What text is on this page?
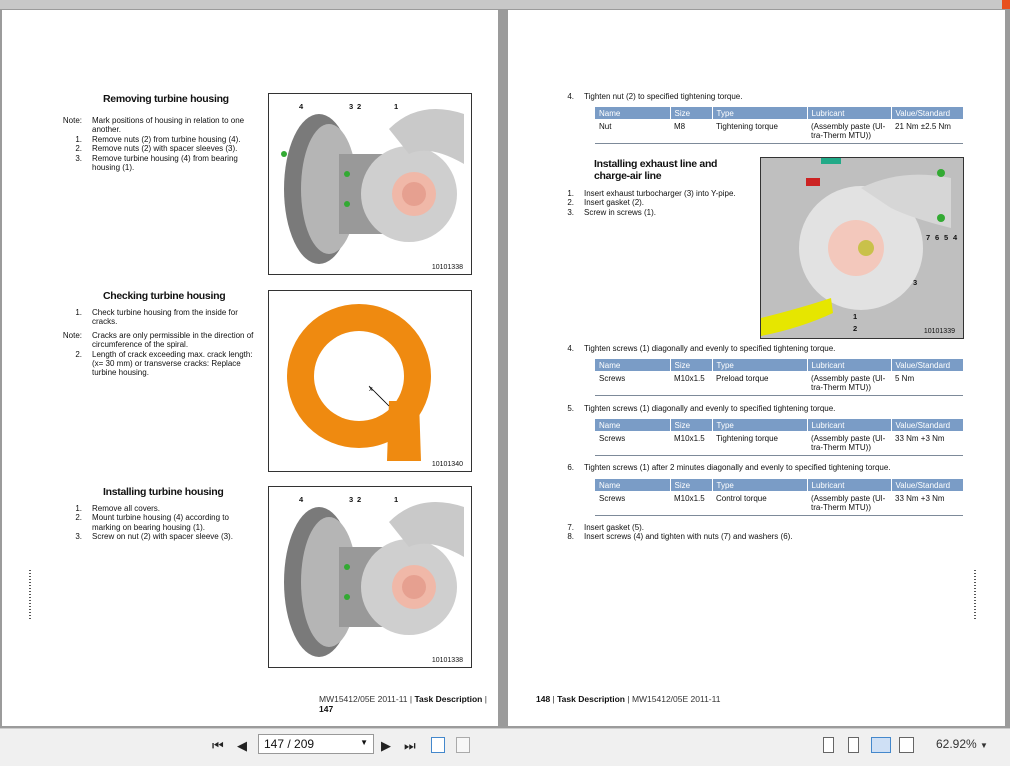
Removing turbine housing
Note:	Mark positions of housing in relation to one another.
1.	Remove nuts (2) from turbine housing (4).
2.	Remove nuts (2) with spacer sleeves (3).
3.	Remove turbine housing (4) from bearing housing (1).
4	3 2	1
10101338
Checking turbine housing
1.	Check turbine housing from the inside for cracks.
Note:	Cracks are only permissible in the direction of circumference of the spiral.
2.	Length of crack exceeding max. crack length: (x= 30 mm) or transverse cracks: Replace turbine housing.
x
10101340
Installing turbine housing
1.	Remove all covers.
2.	Mount turbine housing (4) according to marking on bearing housing (1).
3.	Screw on nut (2) with spacer sleeve (3).
4	3 2	1
10101338
MW15412/05E 2011-11 | Task Description | 147
4.	Tighten nut (2) to specified tightening torque.
Name	Size	Type	Lubricant	Value/Standard
Nut	M8	Tightening torque	(Assembly paste (Ul-tra-Therm MTU))	21 Nm ±2.5 Nm
Installing exhaust line and charge-air line
1.	Insert exhaust turbocharger (3) into Y-pipe.
2.	Insert gasket (2).
3.	Screw in screws (1).
7 6 5 4
3
2
1
10101339
4.	Tighten screws (1) diagonally and evenly to specified tightening torque.
Name	Size	Type	Lubricant	Value/Standard
Screws	M10x1.5	Preload torque	(Assembly paste (Ul-tra-Therm MTU))	5 Nm
5.	Tighten screws (1) diagonally and evenly to specified tightening torque.
Name	Size	Type	Lubricant	Value/Standard
Screws	M10x1.5	Tightening torque	(Assembly paste (Ul-tra-Therm MTU))	33 Nm +3 Nm
6.	Tighten screws (1) after 2 minutes diagonally and evenly to specified tightening torque.
Name	Size	Type	Lubricant	Value/Standard
Screws	M10x1.5	Control torque	(Assembly paste (Ul-tra-Therm MTU))	33 Nm +3 Nm
7.	Insert gasket (5).
8.	Insert screws (4) and tighten with nuts (7) and washers (6).
148 | Task Description | MW15412/05E 2011-11
⏮ ◀	147 / 209	▼ ▶ ⏭	62.92% ▼
